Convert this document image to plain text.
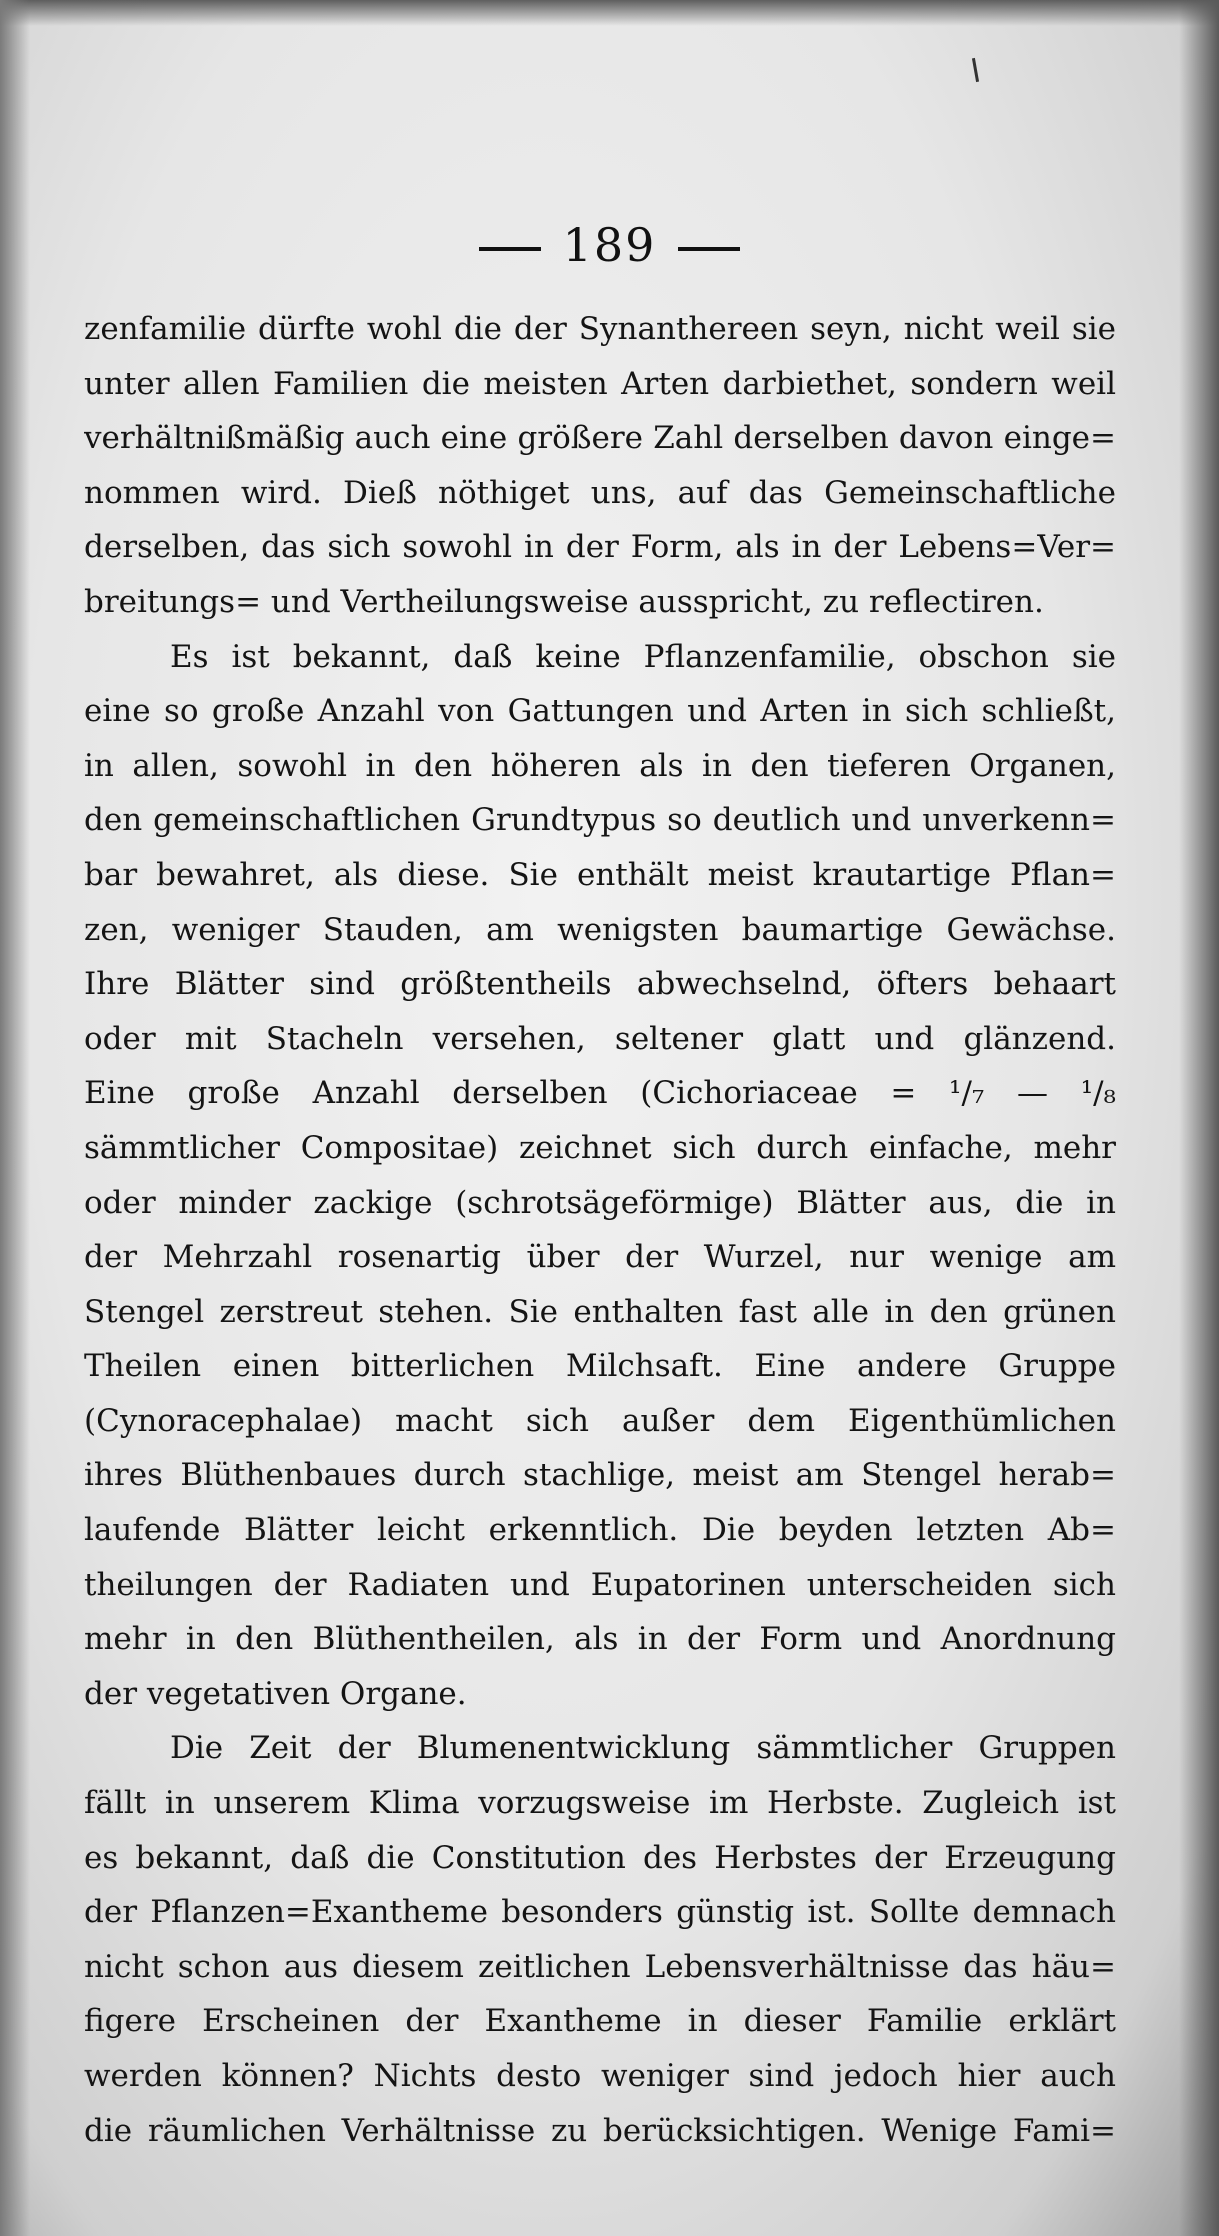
189
zenfamilie dürfte wohl die der Synanthereen seyn, nicht weil sie
unter allen Familien die meisten Arten darbiethet, sondern weil
verhältnißmäßig auch eine größere Zahl derselben davon einge=
nommen wird. Dieß nöthiget uns, auf das Gemeinschaftliche
derselben, das sich sowohl in der Form, als in der Lebens=Ver=
breitungs= und Vertheilungsweise ausspricht, zu reflectiren.
Es ist bekannt, daß keine Pflanzenfamilie, obschon sie
eine so große Anzahl von Gattungen und Arten in sich schließt,
in allen, sowohl in den höheren als in den tieferen Organen,
den gemeinschaftlichen Grundtypus so deutlich und unverkenn=
bar bewahret, als diese. Sie enthält meist krautartige Pflan=
zen, weniger Stauden, am wenigsten baumartige Gewächse.
Ihre Blätter sind größtentheils abwechselnd, öfters behaart
oder mit Stacheln versehen, seltener glatt und glänzend.
Eine große Anzahl derselben (Cichoriaceae = ¹/₇ — ¹/₈
sämmtlicher Compositae) zeichnet sich durch einfache, mehr
oder minder zackige (schrotsägeförmige) Blätter aus, die in
der Mehrzahl rosenartig über der Wurzel, nur wenige am
Stengel zerstreut stehen. Sie enthalten fast alle in den grünen
Theilen einen bitterlichen Milchsaft. Eine andere Gruppe
(Cynoracephalae) macht sich außer dem Eigenthümlichen
ihres Blüthenbaues durch stachlige, meist am Stengel herab=
laufende Blätter leicht erkenntlich. Die beyden letzten Ab=
theilungen der Radiaten und Eupatorinen unterscheiden sich
mehr in den Blüthentheilen, als in der Form und Anordnung
der vegetativen Organe.
Die Zeit der Blumenentwicklung sämmtlicher Gruppen
fällt in unserem Klima vorzugsweise im Herbste. Zugleich ist
es bekannt, daß die Constitution des Herbstes der Erzeugung
der Pflanzen=Exantheme besonders günstig ist. Sollte demnach
nicht schon aus diesem zeitlichen Lebensverhältnisse das häu=
figere Erscheinen der Exantheme in dieser Familie erklärt
werden können? Nichts desto weniger sind jedoch hier auch
die räumlichen Verhältnisse zu berücksichtigen. Wenige Fami=
